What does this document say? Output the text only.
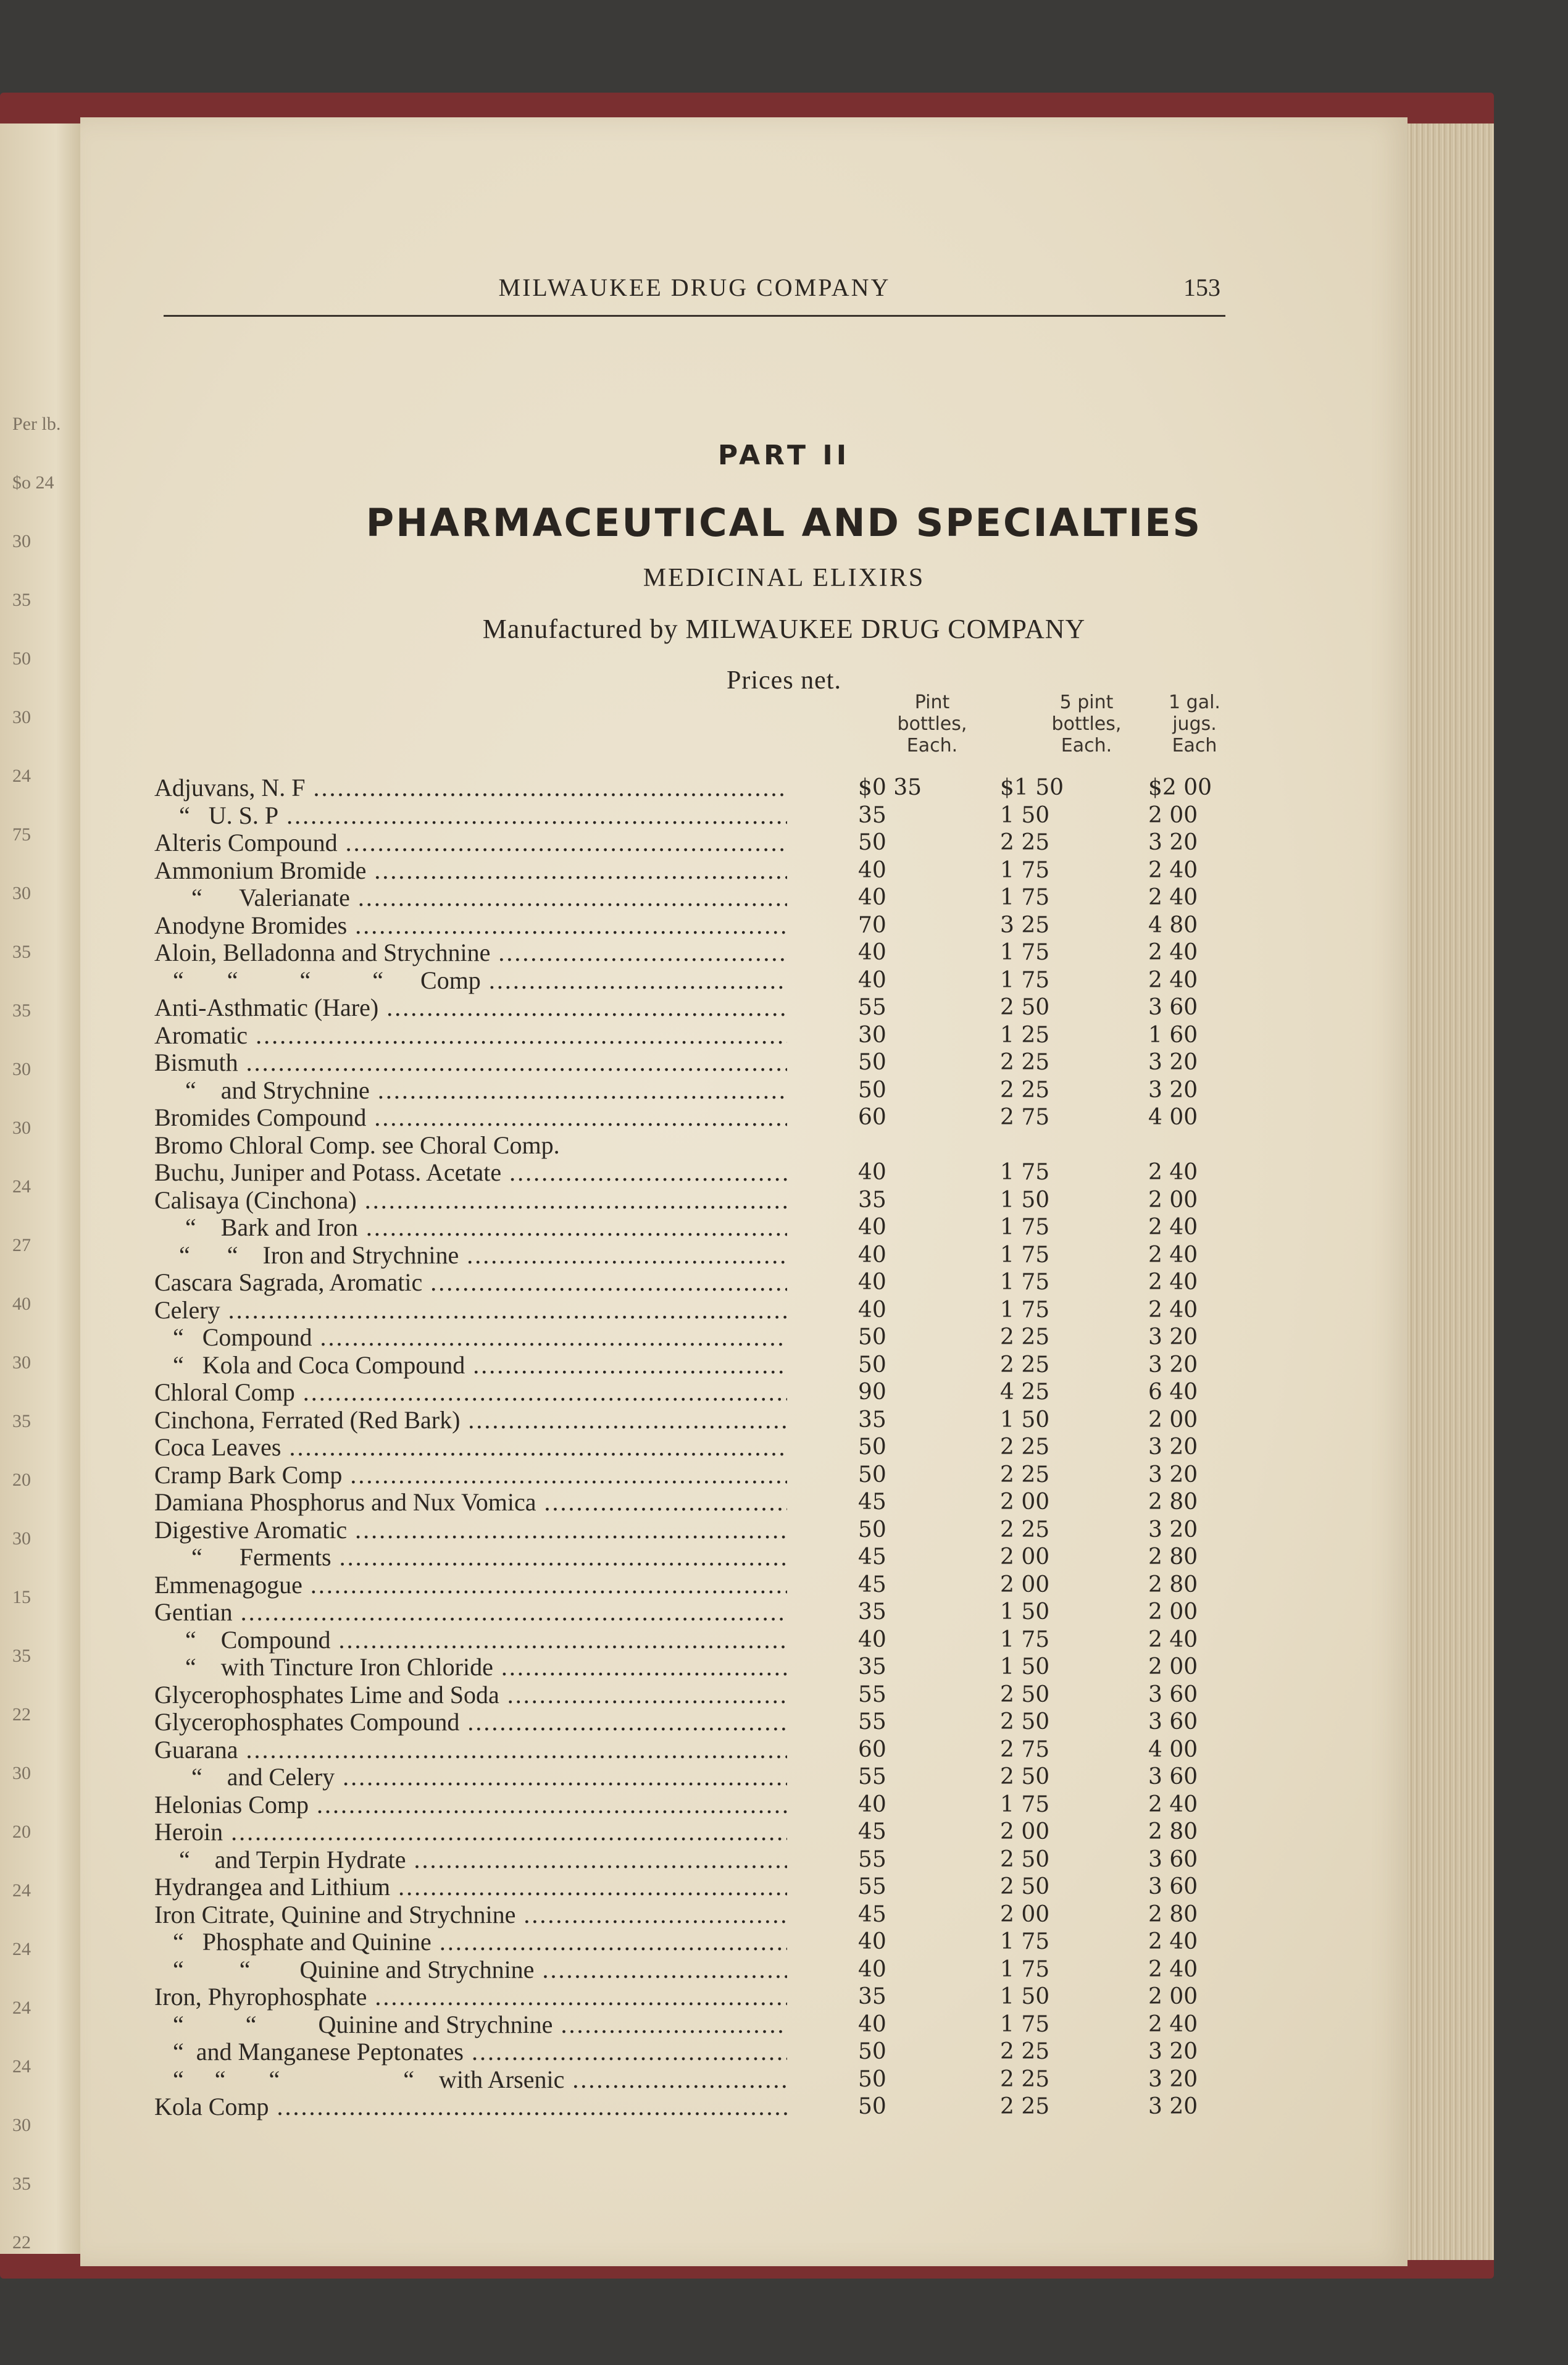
Per lb.
$o 24
30
35
50
30
24
75
30
35
35
30
30
24
27
40
30
35
20
30
15
35
22
30
20
24
24
24
24
30
35
22
MILWAUKEE DRUG COMPANY	153
PART II
PHARMACEUTICAL AND SPECIALTIES
MEDICINAL ELIXIRS
Manufactured by MILWAUKEE DRUG COMPANY
Prices net.
Pint
bottles,
Each.
5 pint
bottles,
Each.
1 gal.
jugs.
Each
Adjuvans, N. F .....	$0 35	$1 50	$2 00
“   U. S. P .....	35	1 50	2 00
Alteris Compound .....	50	2 25	3 20
Ammonium Bromide .....	40	1 75	2 40
“      Valerianate .....	40	1 75	2 40
Anodyne Bromides .....	70	3 25	4 80
Aloin, Belladonna and Strychnine .....	40	1 75	2 40
“       “          “          “      Comp .....	40	1 75	2 40
Anti-Asthmatic (Hare) .....	55	2 50	3 60
Aromatic .....	30	1 25	1 60
Bismuth .....	50	2 25	3 20
“    and Strychnine .....	50	2 25	3 20
Bromides Compound .....	60	2 75	4 00
Bromo Chloral Comp. see Choral Comp.
Buchu, Juniper and Potass. Acetate .....	40	1 75	2 40
Calisaya (Cinchona) .....	35	1 50	2 00
“    Bark and Iron .....	40	1 75	2 40
“      “    Iron and Strychnine .....	40	1 75	2 40
Cascara Sagrada, Aromatic .....	40	1 75	2 40
Celery .....	40	1 75	2 40
“   Compound .....	50	2 25	3 20
“   Kola and Coca Compound .....	50	2 25	3 20
Chloral Comp .....	90	4 25	6 40
Cinchona, Ferrated (Red Bark) .....	35	1 50	2 00
Coca Leaves .....	50	2 25	3 20
Cramp Bark Comp .....	50	2 25	3 20
Damiana Phosphorus and Nux Vomica .....	45	2 00	2 80
Digestive Aromatic .....	50	2 25	3 20
“      Ferments .....	45	2 00	2 80
Emmenagogue .....	45	2 00	2 80
Gentian .....	35	1 50	2 00
“    Compound .....	40	1 75	2 40
“    with Tincture Iron Chloride .....	35	1 50	2 00
Glycerophosphates Lime and Soda .....	55	2 50	3 60
Glycerophosphates Compound .....	55	2 50	3 60
Guarana .....	60	2 75	4 00
“    and Celery .....	55	2 50	3 60
Helonias Comp .....	40	1 75	2 40
Heroin .....	45	2 00	2 80
“    and Terpin Hydrate .....	55	2 50	3 60
Hydrangea and Lithium .....	55	2 50	3 60
Iron Citrate, Quinine and Strychnine .....	45	2 00	2 80
“   Phosphate and Quinine .....	40	1 75	2 40
“         “        Quinine and Strychnine .....	40	1 75	2 40
Iron, Phyrophosphate .....	35	1 50	2 00
“          “          Quinine and Strychnine .....	40	1 75	2 40
“  and Manganese Peptonates .....	50	2 25	3 20
“     “       “                    “    with Arsenic .....	50	2 25	3 20
Kola Comp .....	50	2 25	3 20
